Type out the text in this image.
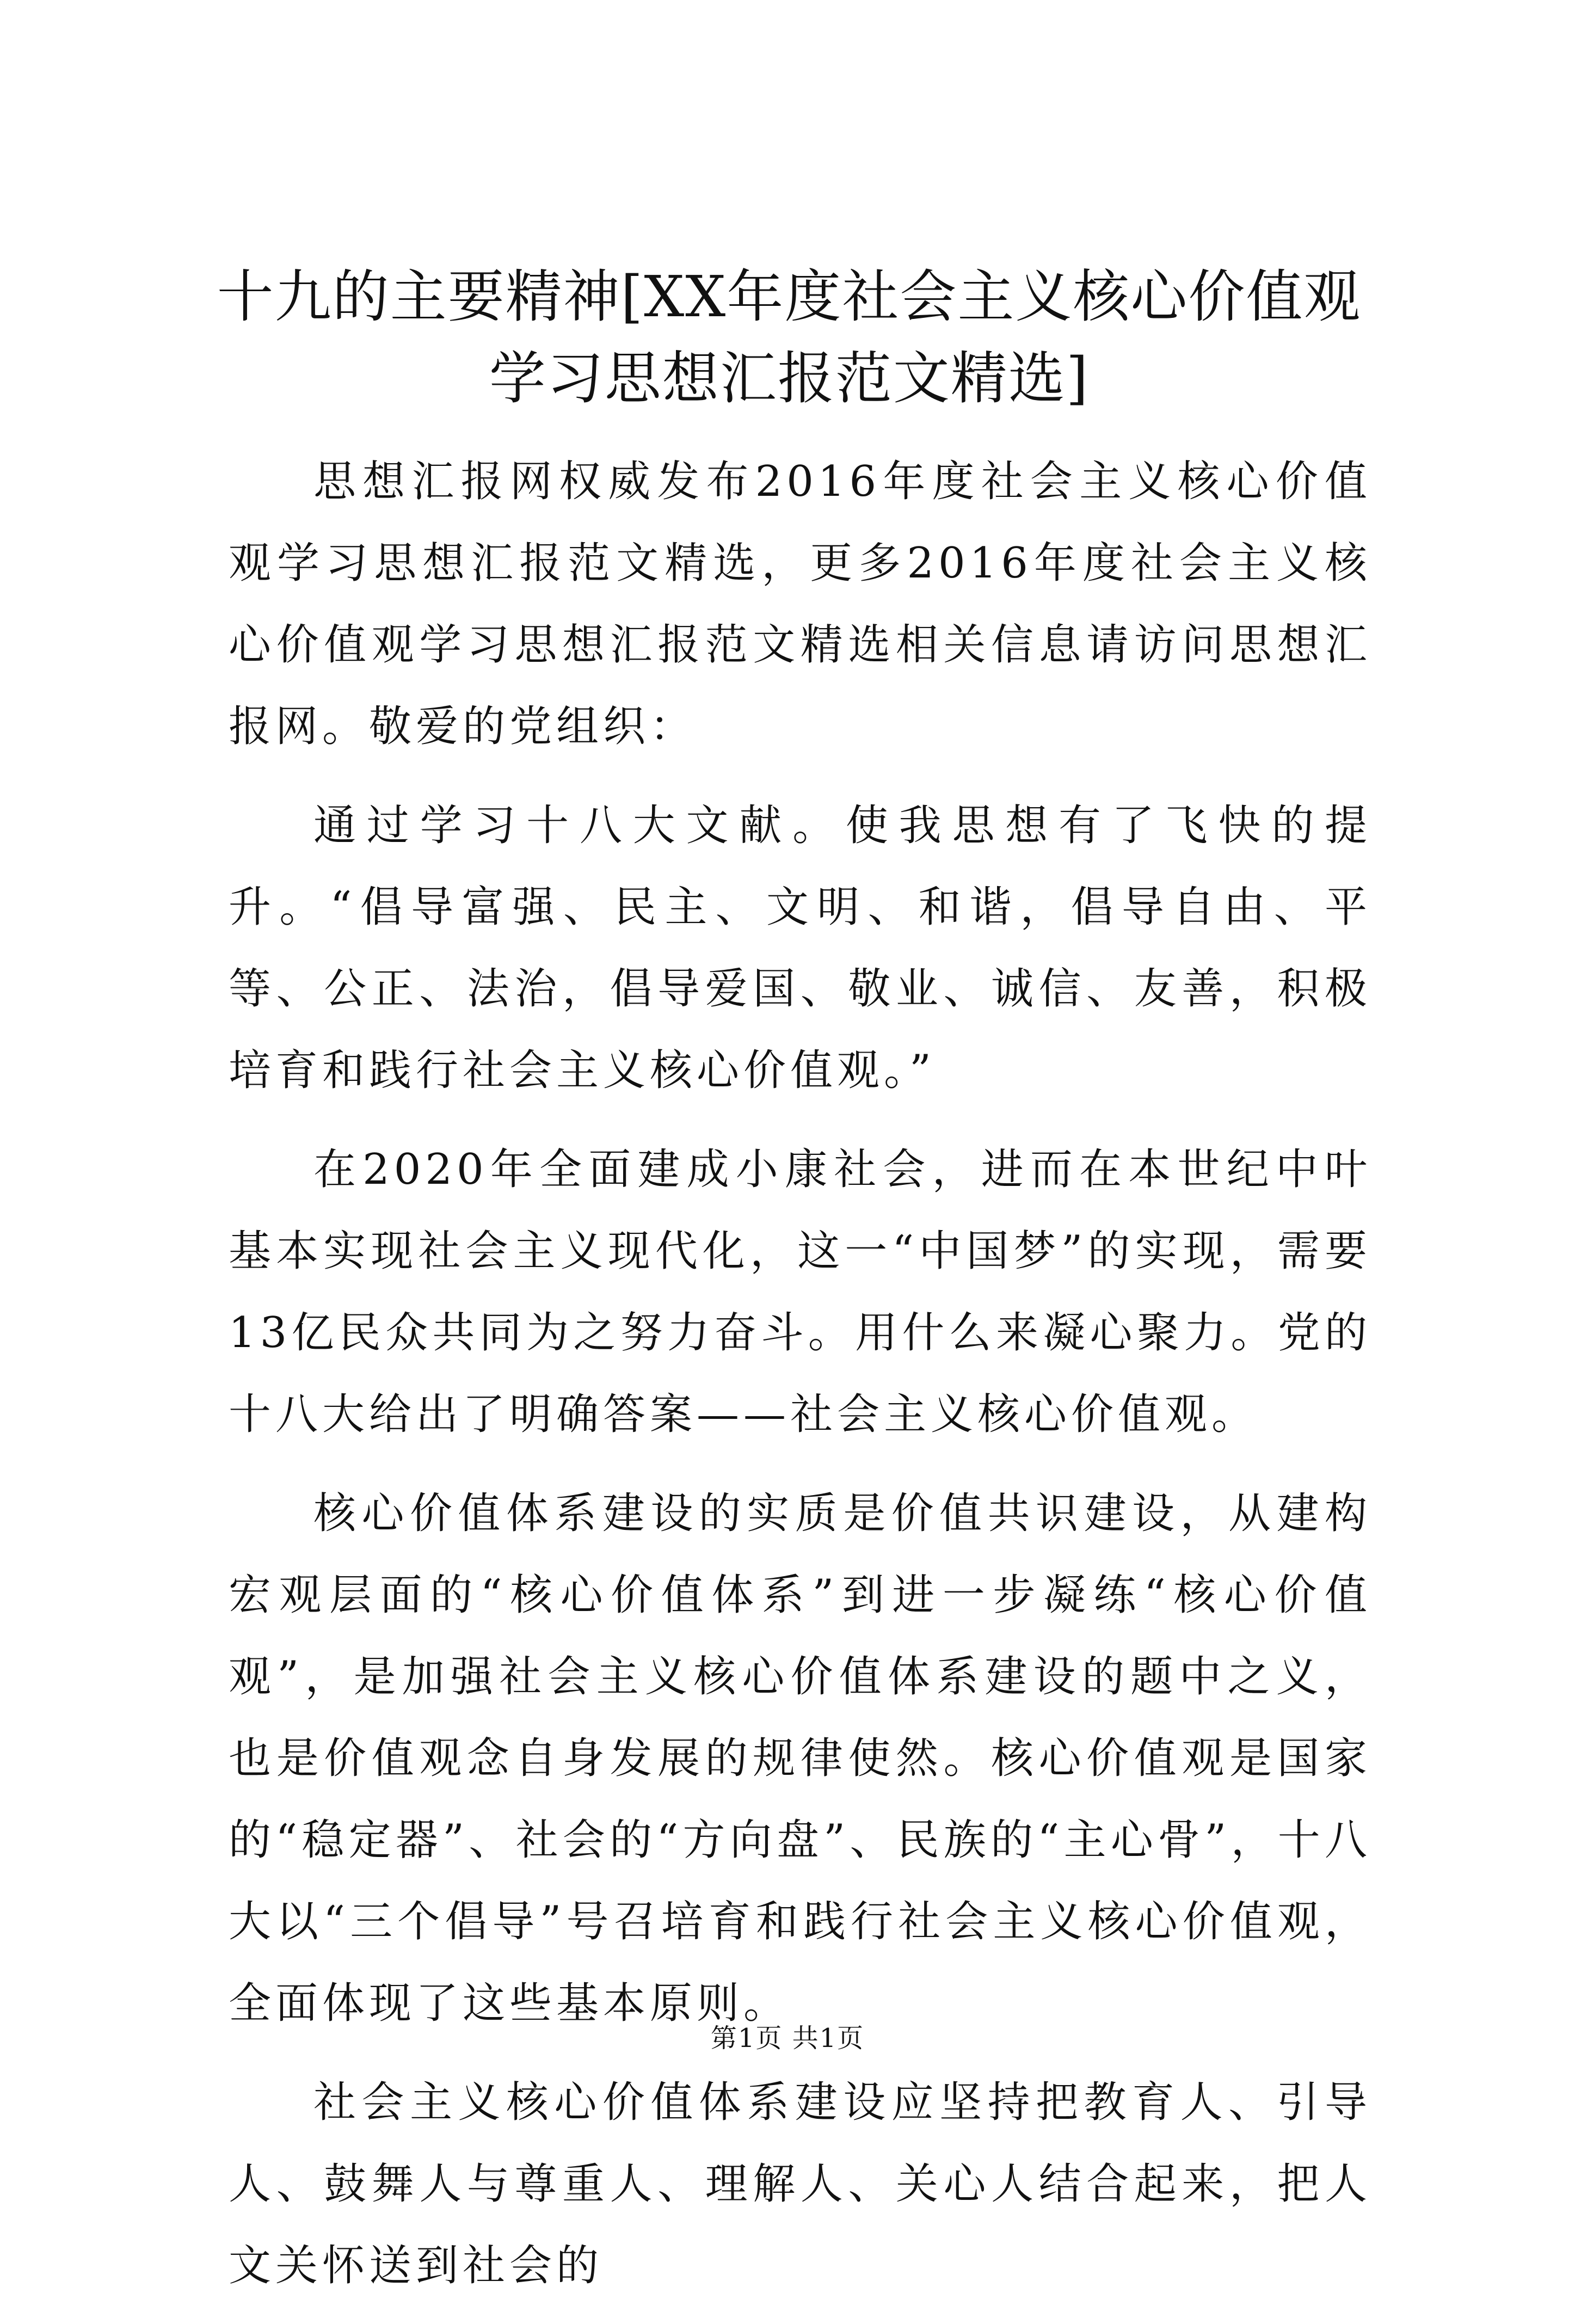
十九的主要精神[XX年度社会主义核心价值观学习思想汇报范文精选]

思想汇报网权威发布2016年度社会主义核心价值观学习思想汇报范文精选，更多2016年度社会主义核心价值观学习思想汇报范文精选相关信息请访问思想汇报网。敬爱的党组织：

通过学习十八大文献。使我思想有了飞快的提升。“倡导富强、民主、文明、和谐，倡导自由、平等、公正、法治，倡导爱国、敬业、诚信、友善，积极培育和践行社会主义核心价值观。”

在2020年全面建成小康社会，进而在本世纪中叶基本实现社会主义现代化，这一“中国梦”的实现，需要13亿民众共同为之努力奋斗。用什么来凝心聚力。党的十八大给出了明确答案——社会主义核心价值观。

核心价值体系建设的实质是价值共识建设，从建构宏观层面的“核心价值体系”到进一步凝练“核心价值观”，是加强社会主义核心价值体系建设的题中之义，也是价值观念自身发展的规律使然。核心价值观是国家的“稳定器”、社会的“方向盘”、民族的“主心骨”，十八大以“三个倡导”号召培育和践行社会主义核心价值观，全面体现了这些基本原则。

社会主义核心价值体系建设应坚持把教育人、引导人、鼓舞人与尊重人、理解人、关心人结合起来，把人文关怀送到社会的

第1页 共1页
